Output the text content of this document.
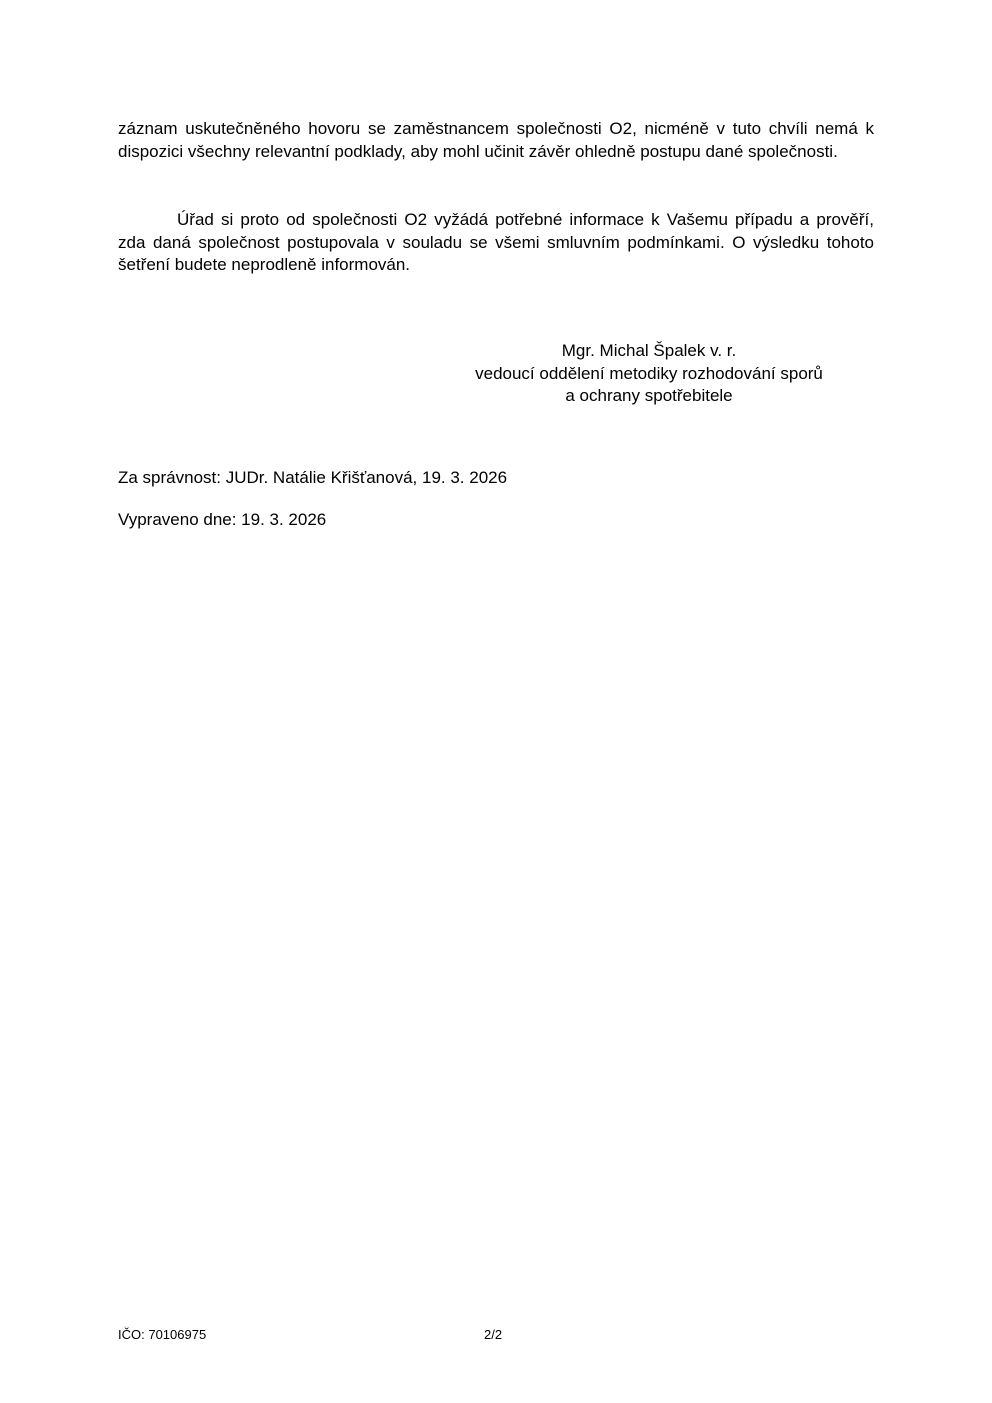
záznam uskutečněného hovoru se zaměstnancem společnosti O2, nicméně v tuto chvíli nemá k dispozici všechny relevantní podklady, aby mohl učinit závěr ohledně postupu dané společnosti.

Úřad si proto od společnosti O2 vyžádá potřebné informace k Vašemu případu a prověří, zda daná společnost postupovala v souladu se všemi smluvním podmínkami. O výsledku tohoto šetření budete neprodleně informován.

Mgr. Michal Špalek v. r.
vedoucí oddělení metodiky rozhodování sporů
a ochrany spotřebitele
Za správnost: JUDr. Natálie Křišťanová, 19. 3. 2026
Vypraveno dne: 19. 3. 2026
IČO: 70106975	2/2
